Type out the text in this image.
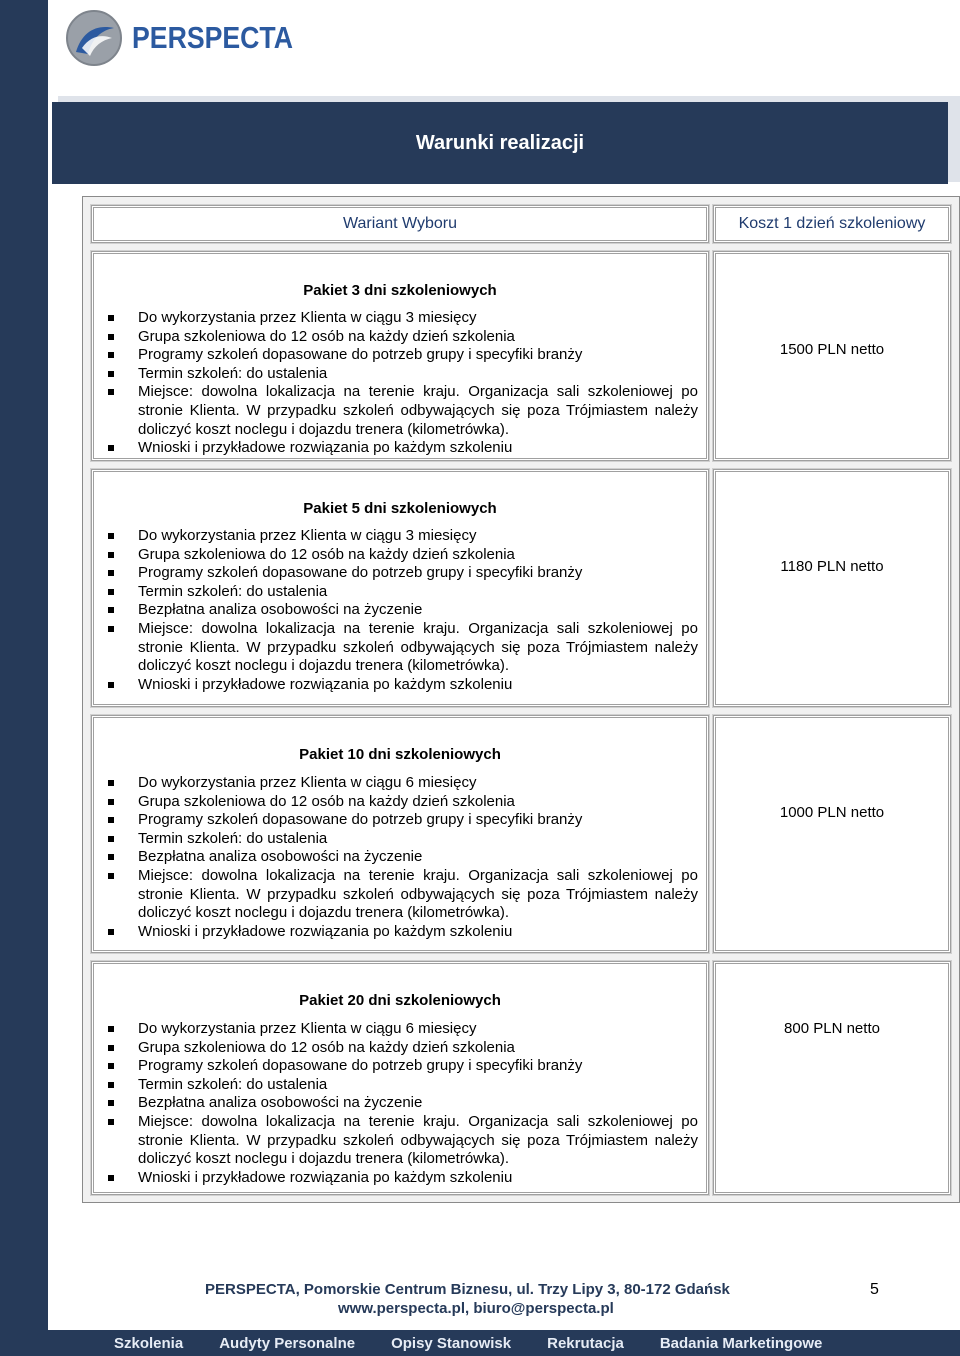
PERSPECTA
Warunki realizacji
Wariant Wyboru	Koszt 1 dzień szkoleniowy
Pakiet 3 dni szkoleniowych
Do wykorzystania przez Klienta w ciągu 3 miesięcy
Grupa szkoleniowa do 12 osób na każdy dzień szkolenia
Programy szkoleń dopasowane do potrzeb grupy i specyfiki branży
Termin szkoleń: do ustalenia
Miejsce: dowolna lokalizacja na terenie kraju. Organizacja sali szkoleniowej po stronie Klienta. W przypadku szkoleń odbywających się poza Trójmiastem należy doliczyć koszt noclegu i dojazdu trenera (kilometrówka).
Wnioski i przykładowe rozwiązania po każdym szkoleniu
1500 PLN netto
Pakiet 5 dni szkoleniowych
Do wykorzystania przez Klienta w ciągu 3 miesięcy
Grupa szkoleniowa do 12 osób na każdy dzień szkolenia
Programy szkoleń dopasowane do potrzeb grupy i specyfiki branży
Termin szkoleń: do ustalenia
Bezpłatna analiza osobowości na życzenie
Miejsce: dowolna lokalizacja na terenie kraju. Organizacja sali szkoleniowej po stronie Klienta. W przypadku szkoleń odbywających się poza Trójmiastem należy doliczyć koszt noclegu i dojazdu trenera (kilometrówka).
Wnioski i przykładowe rozwiązania po każdym szkoleniu
1180 PLN netto
Pakiet 10 dni szkoleniowych
Do wykorzystania przez Klienta w ciągu 6 miesięcy
Grupa szkoleniowa do 12 osób na każdy dzień szkolenia
Programy szkoleń dopasowane do potrzeb grupy i specyfiki branży
Termin szkoleń: do ustalenia
Bezpłatna analiza osobowości na życzenie
Miejsce: dowolna lokalizacja na terenie kraju. Organizacja sali szkoleniowej po stronie Klienta. W przypadku szkoleń odbywających się poza Trójmiastem należy doliczyć koszt noclegu i dojazdu trenera (kilometrówka).
Wnioski i przykładowe rozwiązania po każdym szkoleniu
1000 PLN netto
Pakiet 20 dni szkoleniowych
Do wykorzystania przez Klienta w ciągu 6 miesięcy
Grupa szkoleniowa do 12 osób na każdy dzień szkolenia
Programy szkoleń dopasowane do potrzeb grupy i specyfiki branży
Termin szkoleń: do ustalenia
Bezpłatna analiza osobowości na życzenie
Miejsce: dowolna lokalizacja na terenie kraju. Organizacja sali szkoleniowej po stronie Klienta. W przypadku szkoleń odbywających się poza Trójmiastem należy doliczyć koszt noclegu i dojazdu trenera (kilometrówka).
Wnioski i przykładowe rozwiązania po każdym szkoleniu
800 PLN netto
PERSPECTA, Pomorskie Centrum Biznesu, ul. Trzy Lipy 3, 80-172 Gdańsk
www.perspecta.pl, biuro@perspecta.pl
5
Szkolenia Audyty Personalne Opisy Stanowisk Rekrutacja Badania Marketingowe
